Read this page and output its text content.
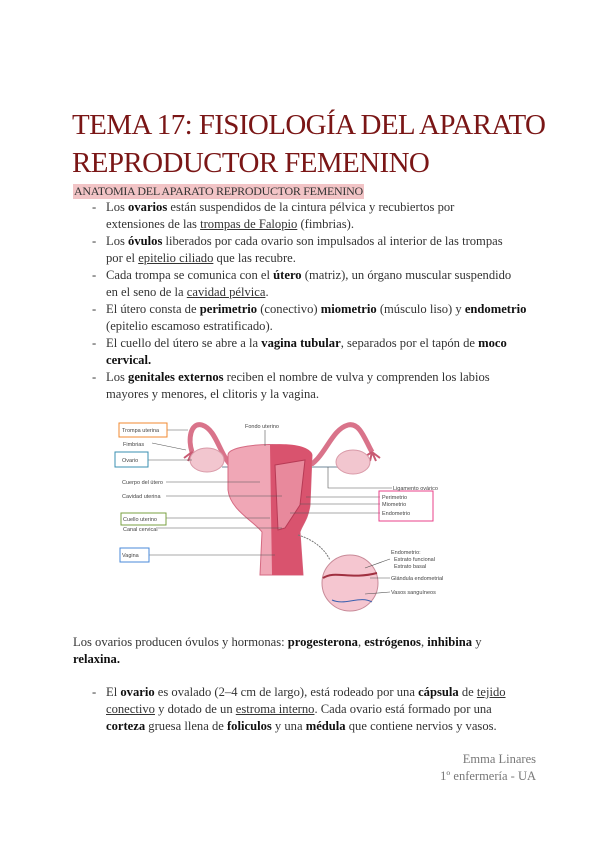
TEMA 17: FISIOLOGÍA DEL APARATO
REPRODUCTOR FEMENINO
ANATOMIA DEL APARATO REPRODUCTOR FEMENINO
- Los ovarios están suspendidos de la cintura pélvica y recubiertos por
extensiones de las trompas de Falopio (fimbrias).
- Los óvulos liberados por cada ovario son impulsados al interior de las trompas
por el epitelio ciliado que las recubre.
- Cada trompa se comunica con el útero (matriz), un órgano muscular suspendido
en el seno de la cavidad pélvica.
- El útero consta de perimetrio (conectivo) miometrio (músculo liso) y endometrio
(epitelio escamoso estratificado).
- El cuello del útero se abre a la vagina tubular, separados por el tapón de moco
cervical.
- Los genitales externos reciben el nombre de vulva y comprenden los labios
mayores y menores, el clitoris y la vagina.
Trompa uterina
Fimbrias
Ovario
Cuerpo del útero
Cavidad uterina
Cuello uterino
Canal cervical
Vagina
Fondo uterino
Ligamento ovárico
Perimetrio
Miometrio
Endometrio
Endometrio:
Estrato funcional
Estrato basal
Glándula endometrial
Vasos sanguíneos
Los ovarios producen óvulos y hormonas: progesterona, estrógenos, inhibina y
relaxina.
- El ovario es ovalado (2–4 cm de largo), está rodeado por una cápsula de tejido
conectivo y dotado de un estroma interno. Cada ovario está formado por una
corteza gruesa llena de foliculos y una médula que contiene nervios y vasos.
Emma Linares
1º enfermería - UA
